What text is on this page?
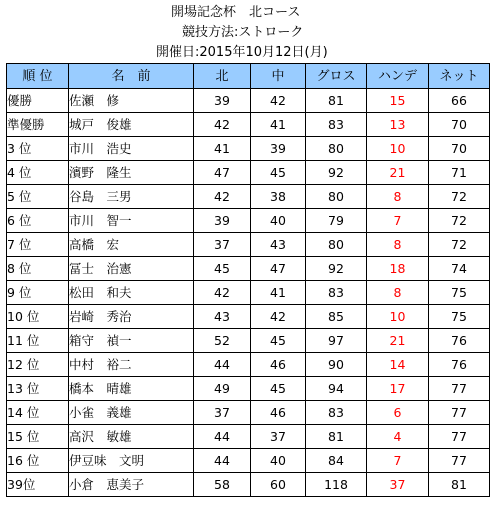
開場記念杯　北コース
競技方法:ストローク
開催日:2015年10月12日(月)
順 位	名　前	北	中	グロス	ハンデ	ネット
優勝	佐瀬　修	39	42	81	15	66
準優勝	城戸　俊雄	42	41	83	13	70
3 位	市川　浩史	41	39	80	10	70
4 位	濱野　隆生	47	45	92	21	71
5 位	谷島　三男	42	38	80	8	72
6 位	市川　智一	39	40	79	7	72
7 位	高橋　宏	37	43	80	8	72
8 位	冨士　治憲	45	47	92	18	74
9 位	松田　和夫	42	41	83	8	75
10 位	岩崎　秀治	43	42	85	10	75
11 位	箱守　禎一	52	45	97	21	76
12 位	中村　裕二	44	46	90	14	76
13 位	橋本　晴雄	49	45	94	17	77
14 位	小雀　義雄	37	46	83	6	77
15 位	高沢　敏雄	44	37	81	4	77
16 位	伊豆味　文明	44	40	84	7	77
39位	小倉　恵美子	58	60	118	37	81
